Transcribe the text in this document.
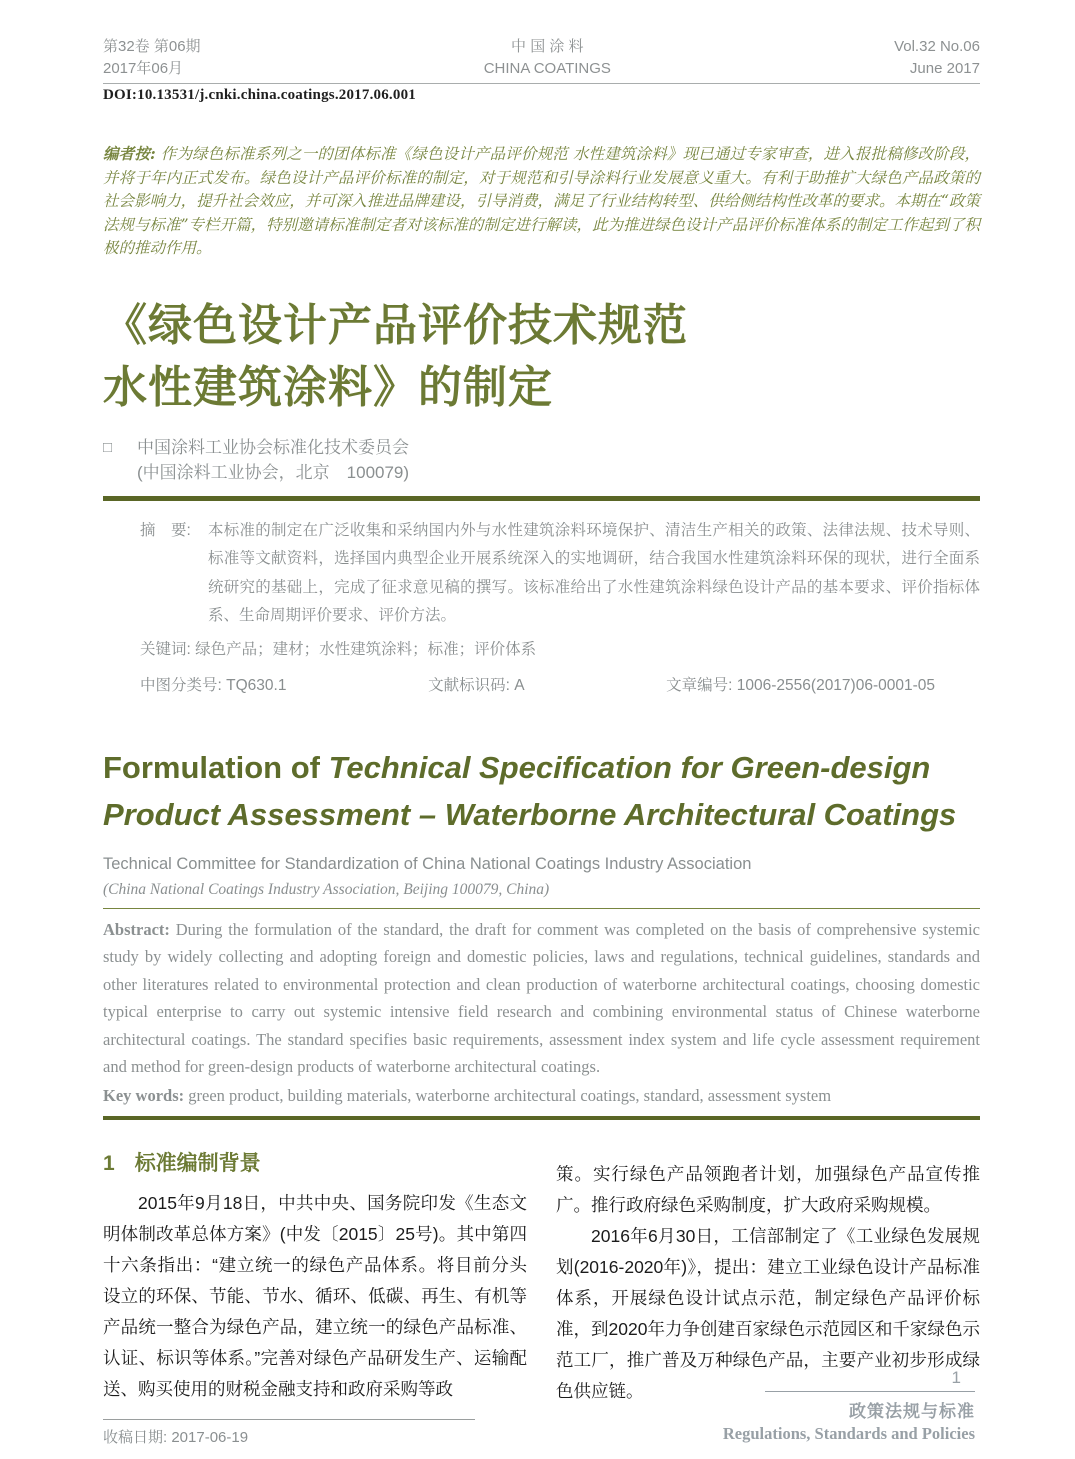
第32卷 第06期
2017年06月
中 国 涂 料
CHINA COATINGS
Vol.32 No.06
June 2017
DOI:10.13531/j.cnki.china.coatings.2017.06.001

编者按: 作为绿色标准系列之一的团体标准《绿色设计产品评价规范 水性建筑涂料》现已通过专家审查，进入报批稿修改阶段，并将于年内正式发布。绿色设计产品评价标准的制定，对于规范和引导涂料行业发展意义重大。有利于助推扩大绿色产品政策的社会影响力，提升社会效应，并可深入推进品牌建设，引导消费，满足了行业结构转型、供给侧结构性改革的要求。本期在“政策法规与标准”专栏开篇，特别邀请标准制定者对该标准的制定进行解读，此为推进绿色设计产品评价标准体系的制定工作起到了积极的推动作用。

《绿色设计产品评价技术规范
水性建筑涂料》的制定
□	中国涂料工业协会标准化技术委员会
(中国涂料工业协会，北京　100079)
摘　要:	本标准的制定在广泛收集和采纳国内外与水性建筑涂料环境保护、清洁生产相关的政策、法律法规、技术导则、标准等文献资料，选择国内典型企业开展系统深入的实地调研，结合我国水性建筑涂料环保的现状，进行全面系统研究的基础上，完成了征求意见稿的撰写。该标准给出了水性建筑涂料绿色设计产品的基本要求、评价指标体系、生命周期评价要求、评价方法。
关键词: 绿色产品；建材；水性建筑涂料；标准；评价体系
中图分类号: TQ630.1	文献标识码: A	文章编号: 1006-2556(2017)06-0001-05
Formulation of Technical Specification for Green-design Product Assessment – Waterborne Architectural Coatings
Technical Committee for Standardization of China National Coatings Industry Association
(China National Coatings Industry Association, Beijing 100079, China)

Abstract: During the formulation of the standard, the draft for comment was completed on the basis of comprehensive systemic study by widely collecting and adopting foreign and domestic policies, laws and regulations, technical guidelines, standards and other literatures related to environmental protection and clean production of waterborne architectural coatings, choosing domestic typical enterprise to carry out systemic intensive field research and combining environmental status of Chinese waterborne architectural coatings. The standard specifies basic requirements, assessment index system and life cycle assessment requirement and method for green-design products of waterborne architectural coatings.

Key words: green product, building materials, waterborne architectural coatings, standard, assessment system

1 标准编制背景

2015年9月18日，中共中央、国务院印发《生态文明体制改革总体方案》(中发〔2015〕25号)。其中第四十六条指出：“建立统一的绿色产品体系。将目前分头设立的环保、节能、节水、循环、低碳、再生、有机等产品统一整合为绿色产品，建立统一的绿色产品标准、认证、标识等体系。”完善对绿色产品研发生产、运输配送、购买使用的财税金融支持和政府采购等政

策。实行绿色产品领跑者计划，加强绿色产品宣传推广。推行政府绿色采购制度，扩大政府采购规模。

2016年6月30日，工信部制定了《工业绿色发展规划(2016-2020年)》，提出：建立工业绿色设计产品标准体系，开展绿色设计试点示范，制定绿色产品评价标准，到2020年力争创建百家绿色示范园区和千家绿色示范工厂，推广普及万种绿色产品，主要产业初步形成绿色供应链。

收稿日期: 2017-06-19
1
政策法规与标准
Regulations, Standards and Policies
